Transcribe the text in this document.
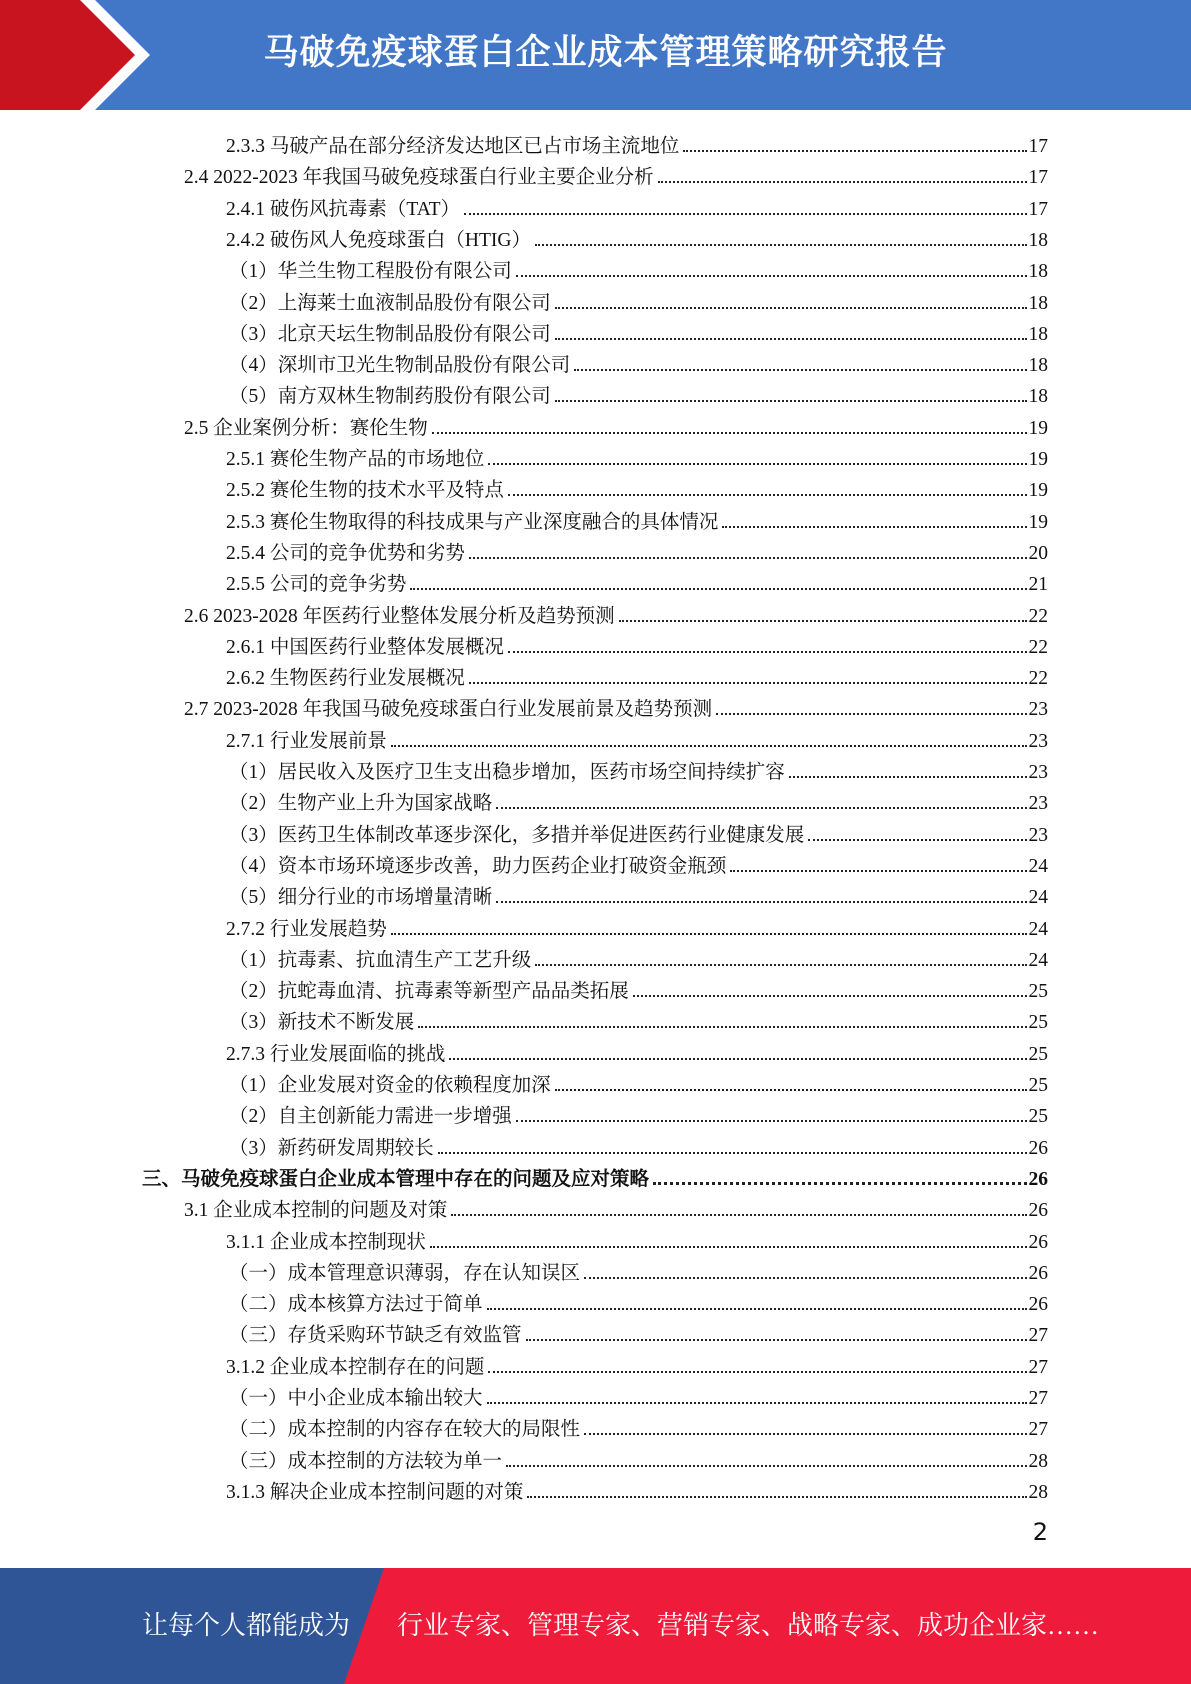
马破免疫球蛋白企业成本管理策略研究报告
2.3.3 马破产品在部分经济发达地区已占市场主流地位	17
2.4 2022-2023 年我国马破免疫球蛋白行业主要企业分析	17
2.4.1 破伤风抗毒素（TAT）	17
2.4.2 破伤风人免疫球蛋白（HTIG）	18
（1）华兰生物工程股份有限公司	18
（2）上海莱士血液制品股份有限公司	18
（3）北京天坛生物制品股份有限公司	18
（4）深圳市卫光生物制品股份有限公司	18
（5）南方双林生物制药股份有限公司	18
2.5 企业案例分析：赛伦生物	19
2.5.1 赛伦生物产品的市场地位	19
2.5.2 赛伦生物的技术水平及特点	19
2.5.3 赛伦生物取得的科技成果与产业深度融合的具体情况	19
2.5.4 公司的竞争优势和劣势	20
2.5.5 公司的竞争劣势	21
2.6 2023-2028 年医药行业整体发展分析及趋势预测	22
2.6.1 中国医药行业整体发展概况	22
2.6.2 生物医药行业发展概况	22
2.7 2023-2028 年我国马破免疫球蛋白行业发展前景及趋势预测	23
2.7.1 行业发展前景	23
（1）居民收入及医疗卫生支出稳步增加，医药市场空间持续扩容	23
（2）生物产业上升为国家战略	23
（3）医药卫生体制改革逐步深化，多措并举促进医药行业健康发展	23
（4）资本市场环境逐步改善，助力医药企业打破资金瓶颈	24
（5）细分行业的市场增量清晰	24
2.7.2 行业发展趋势	24
（1）抗毒素、抗血清生产工艺升级	24
（2）抗蛇毒血清、抗毒素等新型产品品类拓展	25
（3）新技术不断发展	25
2.7.3 行业发展面临的挑战	25
（1）企业发展对资金的依赖程度加深	25
（2）自主创新能力需进一步增强	25
（3）新药研发周期较长	26
三、马破免疫球蛋白企业成本管理中存在的问题及应对策略	26
3.1 企业成本控制的问题及对策	26
3.1.1 企业成本控制现状	26
（一）成本管理意识薄弱，存在认知误区	26
（二）成本核算方法过于简单	26
（三）存货采购环节缺乏有效监管	27
3.1.2 企业成本控制存在的问题	27
（一）中小企业成本输出较大	27
（二）成本控制的内容存在较大的局限性	27
（三）成本控制的方法较为单一	28
3.1.3 解决企业成本控制问题的对策	28
2
让每个人都能成为 行业专家、管理专家、营销专家、战略专家、成功企业家……
